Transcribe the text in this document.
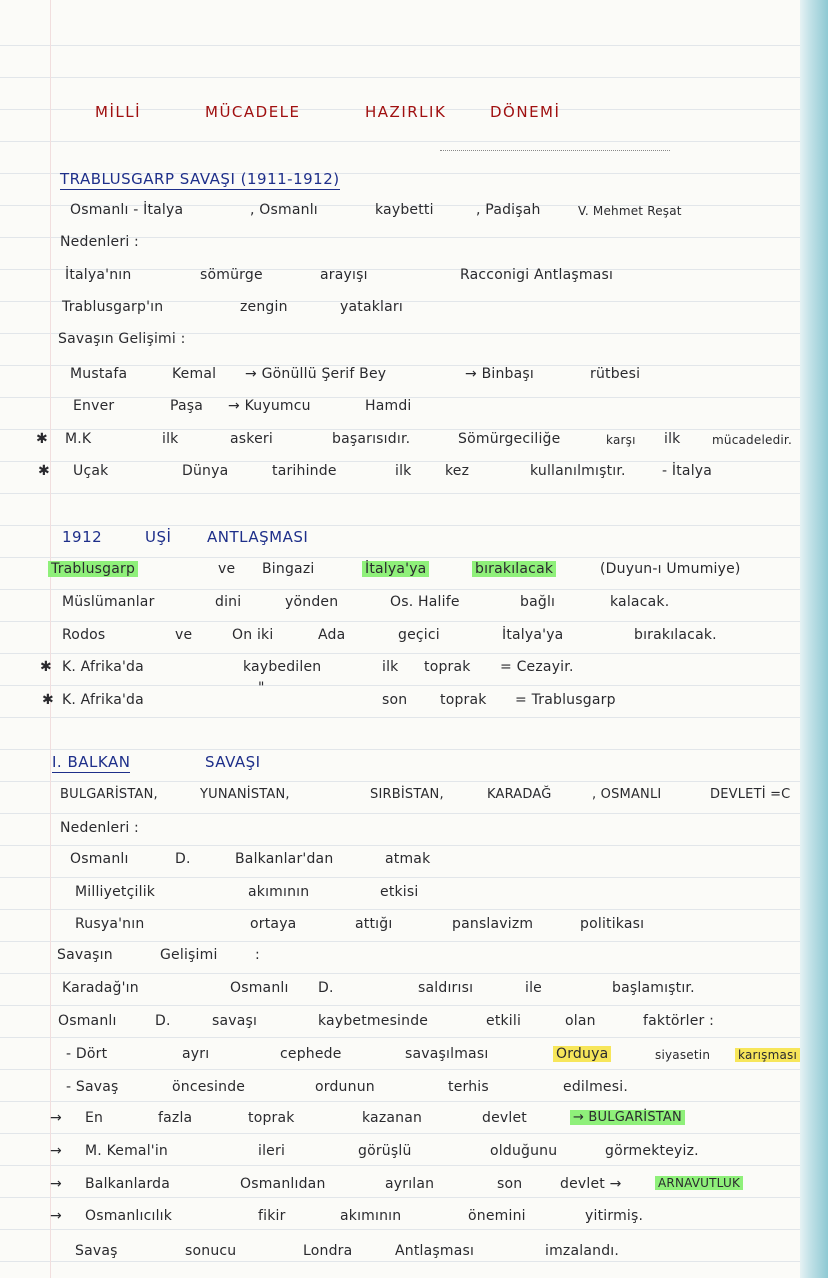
MİLLİ	MÜCADELE	HAZIRLIK	DÖNEMİ
TRABLUSGARP SAVAŞI (1911-1912)
Osmanlı - İtalya	, Osmanlı	kaybetti	, Padişah	V. Mehmet Reşat
Nedenleri :
İtalya'nın	sömürge	arayışı	Racconigi Antlaşması
Trablusgarp'ın	zengin	yatakları
Savaşın Gelişimi :
Mustafa	Kemal → Gönüllü Şerif Bey	→ Binbaşı	rütbesi
Enver	Paşa → Kuyumcu	Hamdi
✱ M.K	ilk	askeri	başarısıdır.	Sömürgeciliğe	karşı ilk	mücadeledir.
✱ Uçak	Dünya	tarihinde	ilk kez	kullanılmıştır.	- İtalya
1912	UŞİ ANTLAŞMASI
Trablusgarp	ve Bingazi	İtalya'ya	bırakılacak	(Duyun-ı Umumiye)
Müslümanlar	dini	yönden	Os. Halife	bağlı	kalacak.
Rodos	ve	On iki	Ada	geçici	İtalya'ya	bırakılacak.
✱ K. Afrika'da	kaybedilen	ilk toprak = Cezayir.
✱ K. Afrika'da
"
son toprak = Trablusgarp
I. BALKAN	SAVAŞI
BULGARİSTAN,	YUNANİSTAN,	SIRBİSTAN,	KARADAĞ	, OSMANLI	DEVLETİ =C
Nedenleri :
Osmanlı	D.	Balkanlar'dan	atmak
Milliyetçilik	akımının	etkisi
Rusya'nın	ortaya	attığı	panslavizm	politikası
Savaşın	Gelişimi	:
Karadağ'ın	Osmanlı D.	saldırısı	ile	başlamıştır.
Osmanlı	D.	savaşı	kaybetmesinde	etkili	olan	faktörler :
- Dört	ayrı	cephede	savaşılması	Orduya	siyasetin karışması
- Savaş	öncesinde	ordunun	terhis	edilmesi.
→ En	fazla	toprak	kazanan	devlet	→ BULGARİSTAN
→ M. Kemal'in	ileri	görüşlü	olduğunu	görmekteyiz.
→ Balkanlarda	Osmanlıdan	ayrılan	son	devlet →	ARNAVUTLUK
→ Osmanlıcılık	fikir	akımının	önemini	yitirmiş.
Savaş	sonucu	Londra	Antlaşması	imzalandı.
